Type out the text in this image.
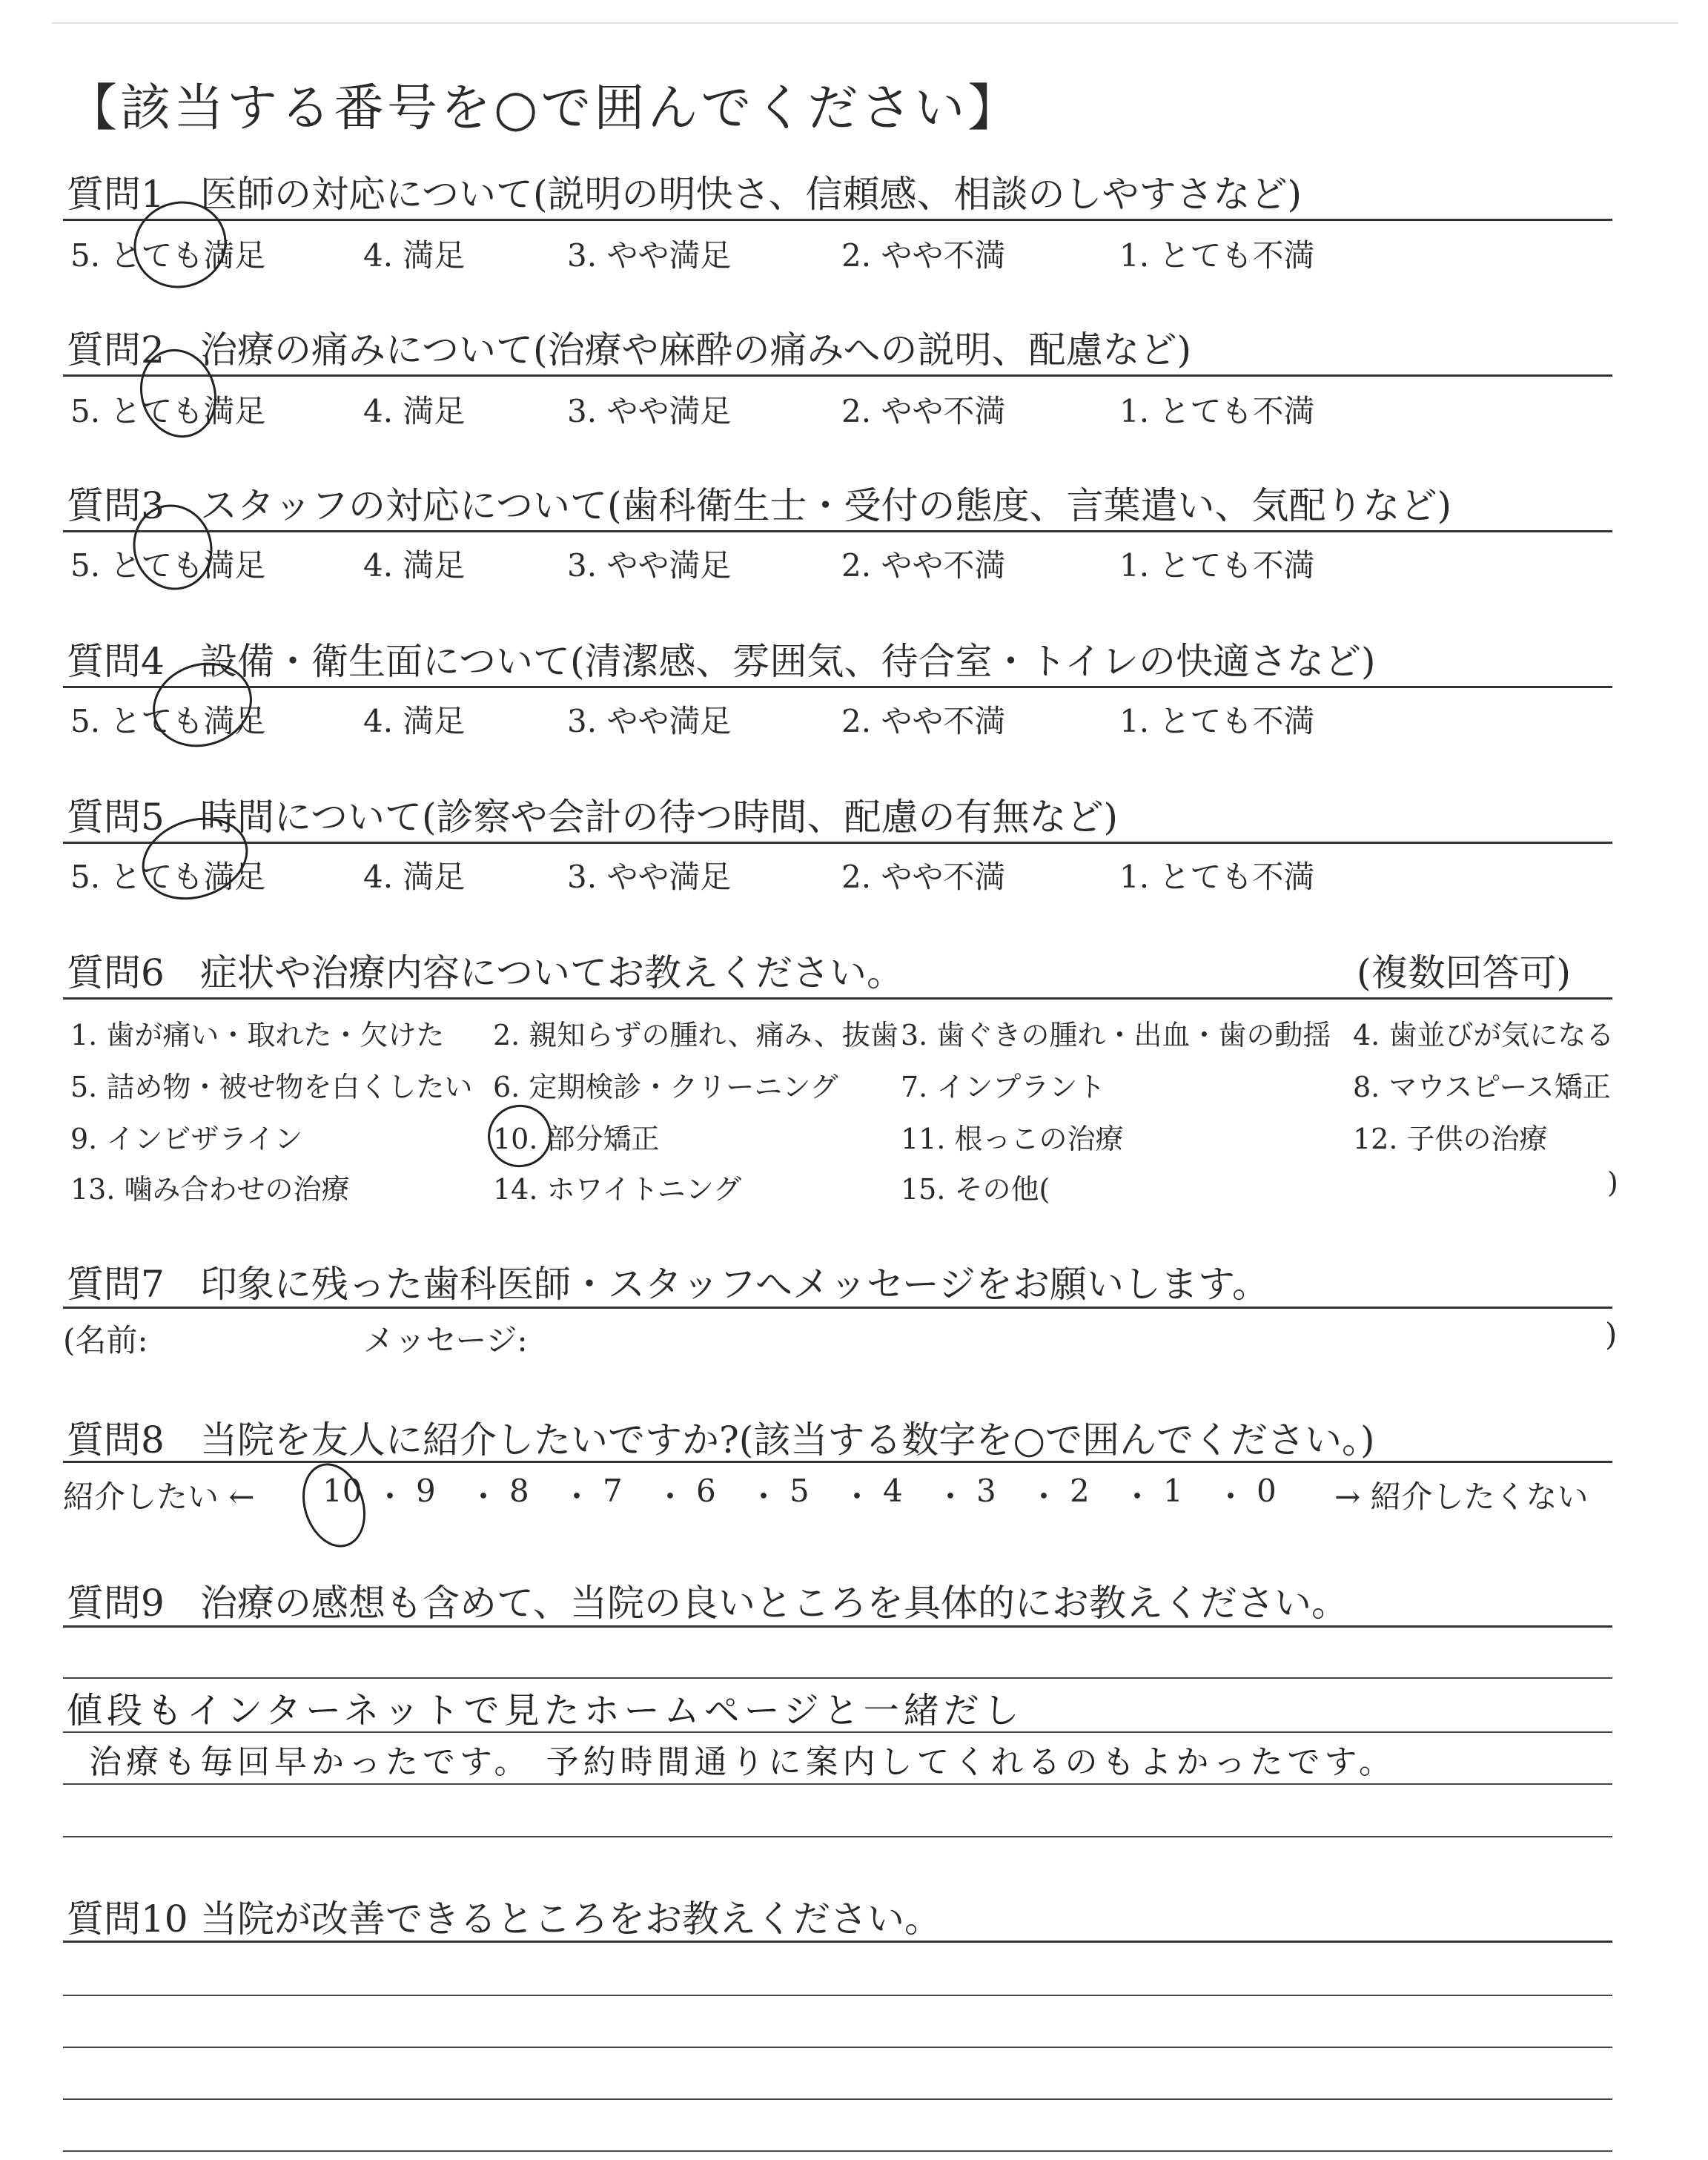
【該当する番号を○で囲んでください】
質問1 医師の対応について(説明の明快さ、信頼感、相談のしやすさなど)
5. とても満足	4. 満足	3. やや満足	2. やや不満	1. とても不満
質問2 治療の痛みについて(治療や麻酔の痛みへの説明、配慮など)
5. とても満足	4. 満足	3. やや満足	2. やや不満	1. とても不満
質問3 スタッフの対応について(歯科衛生士・受付の態度、言葉遣い、気配りなど)
5. とても満足	4. 満足	3. やや満足	2. やや不満	1. とても不満
質問4 設備・衛生面について(清潔感、雰囲気、待合室・トイレの快適さなど)
5. とても満足	4. 満足	3. やや満足	2. やや不満	1. とても不満
質問5 時間について(診察や会計の待つ時間、配慮の有無など)
5. とても満足	4. 満足	3. やや満足	2. やや不満	1. とても不満
質問6 症状や治療内容についてお教えください。	(複数回答可)
1. 歯が痛い・取れた・欠けた 2. 親知らずの腫れ、痛み、抜歯 3. 歯ぐきの腫れ・出血・歯の動揺 4. 歯並びが気になる
5. 詰め物・被せ物を白くしたい 6. 定期検診・クリーニング 7. インプラント	8. マウスピース矯正
9. インビザライン	10. 部分矯正	11. 根っこの治療	12. 子供の治療
13. 噛み合わせの治療	14. ホワイトニング	15. その他(	)
質問7 印象に残った歯科医師・スタッフへメッセージをお願いします。
(名前:	メッセージ:	)
質問8 当院を友人に紹介したいですか?(該当する数字を○で囲んでください。)
紹介したい ←	→ 紹介したくない
10 ・ 9 ・ 8 ・ 7 ・ 6 ・ 5 ・ 4 ・ 3 ・ 2 ・ 1 ・ 0
質問9 治療の感想も含めて、当院の良いところを具体的にお教えください。
値段もインターネットで見たホームページと一緒だし
治療も毎回早かったです。 予約時間通りに案内してくれるのもよかったです。
質問10 当院が改善できるところをお教えください。
